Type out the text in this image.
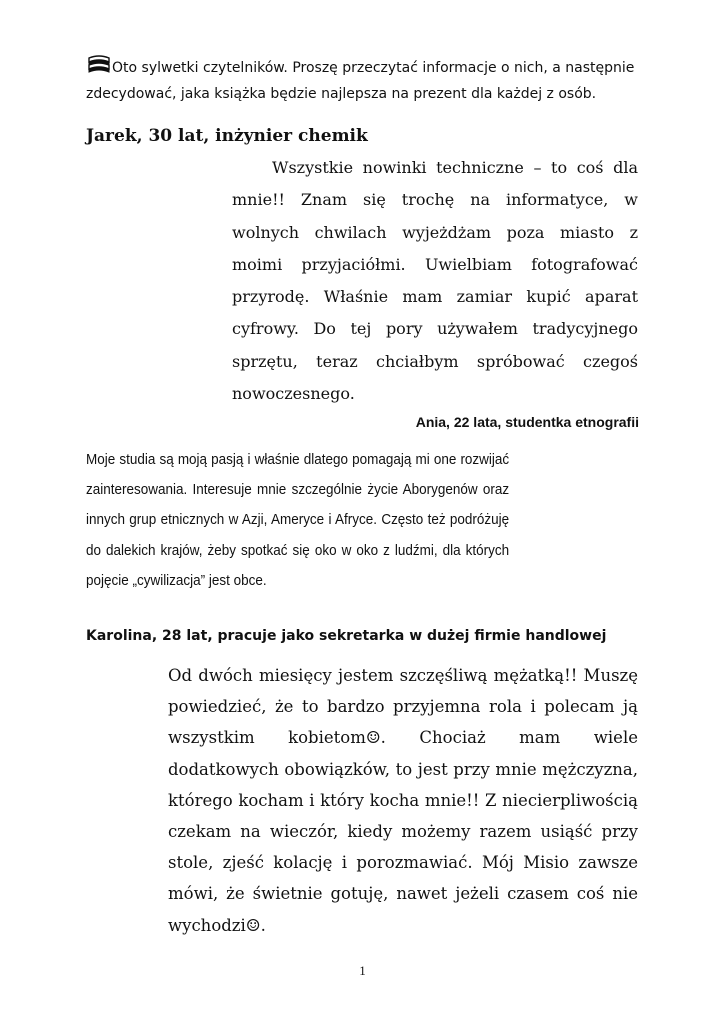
Oto sylwetki czytelników. Proszę przeczytać informacje o nich, a następnie
zdecydować, jaka książka będzie najlepsza na prezent dla każdej z osób.
Jarek, 30 lat, inżynier chemik
Wszystkie nowinki techniczne – to coś dla mnie!! Znam się trochę na informatyce, w wolnych chwilach wyjeżdżam poza miasto z moimi przyjaciółmi. Uwielbiam fotografować przyrodę. Właśnie mam zamiar kupić aparat cyfrowy. Do tej pory używałem tradycyjnego sprzętu, teraz chciałbym spróbować czegoś nowoczesnego.
Ania, 22 lata, studentka etnografii
Moje studia są moją pasją i właśnie dlatego pomagają mi one rozwijać zainteresowania. Interesuje mnie szczególnie życie Aborygenów oraz innych grup etnicznych w Azji, Ameryce i Afryce. Często też podróżuję do dalekich krajów, żeby spotkać się oko w oko z ludźmi, dla których pojęcie „cywilizacja” jest obce.
Karolina, 28 lat, pracuje jako sekretarka w dużej firmie handlowej
Od dwóch miesięcy jestem szczęśliwą mężatką!! Muszę powiedzieć, że to bardzo przyjemna rola i polecam ją wszystkim kobietom☺. Chociaż mam wiele dodatkowych obowiązków, to jest przy mnie mężczyzna, którego kocham i który kocha mnie!! Z niecierpliwością czekam na wieczór, kiedy możemy razem usiąść przy stole, zjeść kolację i porozmawiać. Mój Misio zawsze mówi, że świetnie gotuję, nawet jeżeli czasem coś nie wychodzi☺.
1
